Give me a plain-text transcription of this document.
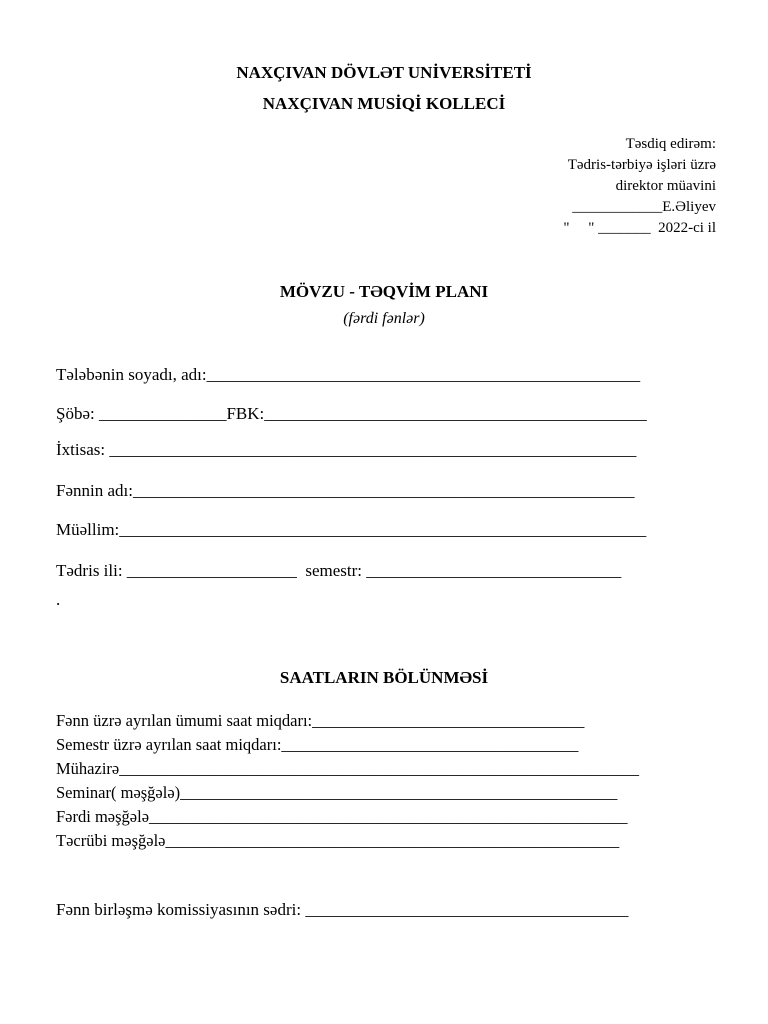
NAXÇIVAN DÖVLƏT UNİVERSİTETİ
NAXÇIVAN MUSİQİ KOLLECİ
Təsdiq edirəm:
Tədris-tərbiyə işləri üzrə
direktor müavini
____________E.Əliyev
"     " _______  2022-ci il
MÖVZU - TƏQVİM PLANI
(fərdi fənlər)
Tələbənin soyadı, adı:___________________________________________________
Şöbə: _______________FBK:_____________________________________________
İxtisas: ______________________________________________________________
Fənnin adı:___________________________________________________________
Müəllim:______________________________________________________________
Tədris ili: ____________________  semestr: ______________________________
.
SAATLARIN BÖLÜNMƏSİ
Fənn üzrə ayrılan ümumi saat miqdarı:_________________________________
Semestr üzrə ayrılan saat miqdarı:____________________________________
Mühazirə_______________________________________________________________
Seminar( məşğələ)_____________________________________________________
Fərdi məşğələ__________________________________________________________
Təcrübi məşğələ_______________________________________________________
Fənn birləşmə komissiyasının sədri: ______________________________________
